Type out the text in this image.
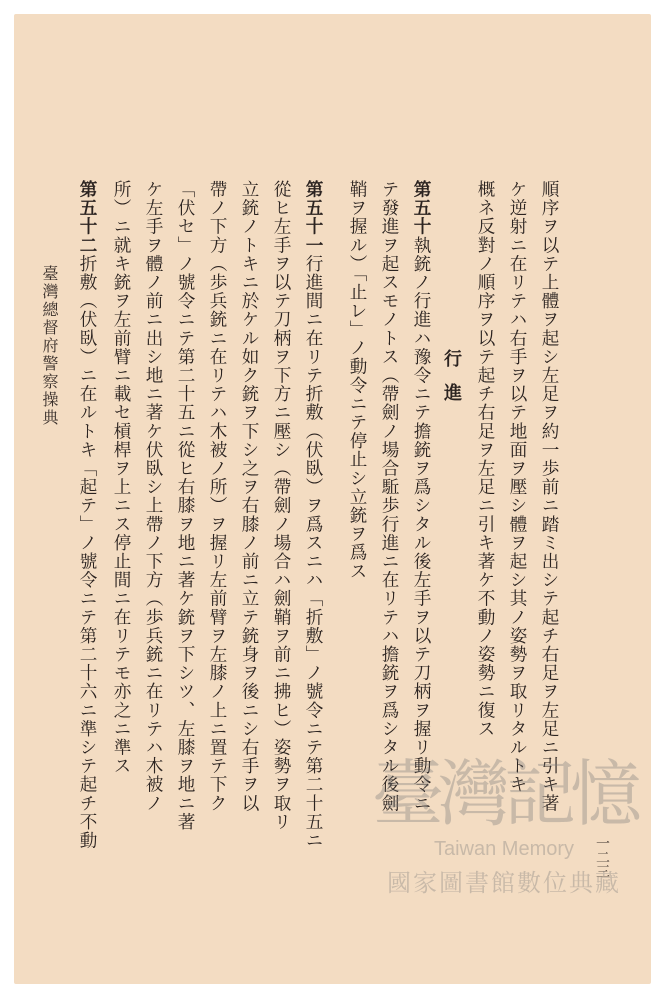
順序ヲ以テ上體ヲ起シ左足ヲ約一歩前ニ踏ミ出シテ起チ右足ヲ左足ニ引キ著
ケ逆射ニ在リテハ右手ヲ以テ地面ヲ壓シ體ヲ起シ其ノ姿勢ヲ取リタルトキ
概ネ反對ノ順序ヲ以テ起チ右足ヲ左足ニ引キ著ケ不動ノ姿勢ニ復ス
行進
第五十執銃ノ行進ハ豫令ニテ擔銃ヲ爲シタル後左手ヲ以テ刀柄ヲ握リ動令ニ
テ發進ヲ起スモノトス（帶劍ノ場合駈歩行進ニ在リテハ擔銃ヲ爲シタル後劍
鞘ヲ握ル）「止レ」ノ動令ニテ停止シ立銃ヲ爲ス
第五十一行進間ニ在リテ折敷（伏臥）ヲ爲スニハ「折敷」ノ號令ニテ第二十五ニ
從ヒ左手ヲ以テ刀柄ヲ下方ニ壓シ（帶劍ノ場合ハ劍鞘ヲ前ニ拂ヒ）姿勢ヲ取リ
立銃ノトキニ於ケル如ク銃ヲ下シ之ヲ右膝ノ前ニ立テ銃身ヲ後ニシ右手ヲ以
帶ノ下方（歩兵銃ニ在リテハ木被ノ所）ヲ握リ左前臂ヲ左膝ノ上ニ置テ下ク
「伏セ」ノ號令ニテ第二十五ニ從ヒ右膝ヲ地ニ著ケ銃ヲ下シツ、左膝ヲ地ニ著
ケ左手ヲ體ノ前ニ出シ地ニ著ケ伏臥シ上帶ノ下方（歩兵銃ニ在リテハ木被ノ
所）ニ就キ銃ヲ左前臂ニ載セ槓桿ヲ上ニス停止間ニ在リテモ亦之ニ準ス
第五十二折敷（伏臥）ニ在ルトキ「起テ」ノ號令ニテ第二十六ニ準シテ起チ不動
臺灣總督府警察操典
一二三
臺灣記憶
Taiwan Memory
國家圖書館數位典藏
